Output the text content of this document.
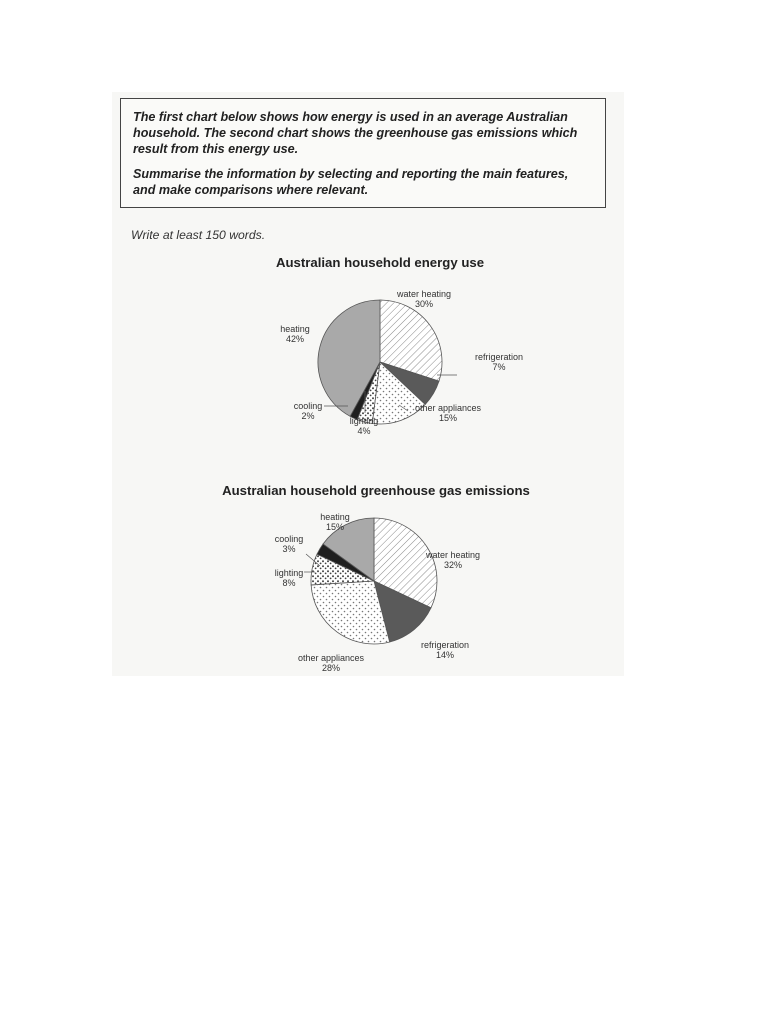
The first chart below shows how energy is used in an average Australian household. The second chart shows the greenhouse gas emissions which result from this energy use.

Summarise the information by selecting and reporting the main features, and make comparisons where relevant.

Write at least 150 words.
Australian household energy use
water heating
30%
refrigeration
7%
other appliances
15%
lighting
4%
cooling
2%
heating
42%
Australian household greenhouse gas emissions
water heating
32%
refrigeration
14%
other appliances
28%
lighting
8%
cooling
3%
heating
15%
